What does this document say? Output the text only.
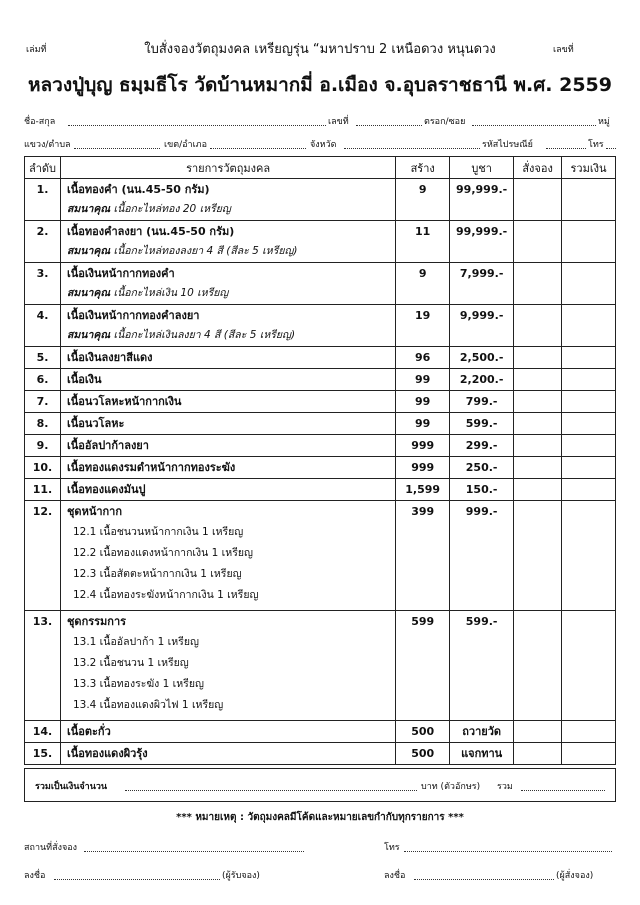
เล่มที่	เลขที่
ใบสั่งจองวัตถุมงคล เหรียญรุ่น “มหาปราบ 2 เหนือดวง หนุนดวง
หลวงปู่บุญ ธมฺมธีโร วัดบ้านหมากมี่ อ.เมือง จ.อุบลราชธานี พ.ศ. 2559
ชื่อ-สกุล	เลขที่	ตรอก/ซอย	หมู่
แขวง/ตำบล	เขต/อำเภอ	จังหวัด	รหัสไปรษณีย์	โทร
ลำดับ	รายการวัตถุมงคล	สร้าง	บูชา	สั่งจอง	รวมเงิน

1.	เนื้อทองคำ (นน.45-50 กรัม)
สมนาคุณ เนื้อกะไหล่ทอง 20 เหรียญ	9	99,999.-		

2.	เนื้อทองคำลงยา (นน.45-50 กรัม)
สมนาคุณ เนื้อกะไหล่ทองลงยา 4 สี (สีละ 5 เหรียญ)	11	99,999.-		

3.	เนื้อเงินหน้ากากทองคำ
สมนาคุณ เนื้อกะไหล่เงิน 10 เหรียญ	9	7,999.-		

4.	เนื้อเงินหน้ากากทองคำลงยา
สมนาคุณ เนื้อกะไหล่เงินลงยา 4 สี (สีละ 5 เหรียญ)	19	9,999.-		

5.	เนื้อเงินลงยาสีแดง	96	2,500.-		

6.	เนื้อเงิน	99	2,200.-		

7.	เนื้อนวโลหะหน้ากากเงิน	99	799.-		

8.	เนื้อนวโลหะ	99	599.-		

9.	เนื้ออัลปาก้าลงยา	999	299.-		

10.	เนื้อทองแดงรมดำหน้ากากทองระฆัง	999	250.-		

11.	เนื้อทองแดงมันปู	1,599	150.-		

12.	ชุดหน้ากาก
12.1 เนื้อชนวนหน้ากากเงิน 1 เหรียญ
12.2 เนื้อทองแดงหน้ากากเงิน 1 เหรียญ
12.3 เนื้อสัตตะหน้ากากเงิน 1 เหรียญ
12.4 เนื้อทองระฆังหน้ากากเงิน 1 เหรียญ	399	999.-		

13.	ชุดกรรมการ
13.1 เนื้ออัลปาก้า 1 เหรียญ
13.2 เนื้อชนวน 1 เหรียญ
13.3 เนื้อทองระฆัง 1 เหรียญ
13.4 เนื้อทองแดงผิวไฟ 1 เหรียญ	599	599.-		

14.	เนื้อตะกั่ว	500	ถวายวัด		

15.	เนื้อทองแดงผิวรุ้ง	500	แจกทาน		

รวมเป็นเงินจำนวน	บาท (ตัวอักษร) รวม
*** หมายเหตุ : วัตถุมงคลมีโค้ดและหมายเลขกำกับทุกรายการ ***
สถานที่สั่งจอง	โทร
ลงชื่อ	(ผู้รับจอง)	ลงชื่อ	(ผู้สั่งจอง)
